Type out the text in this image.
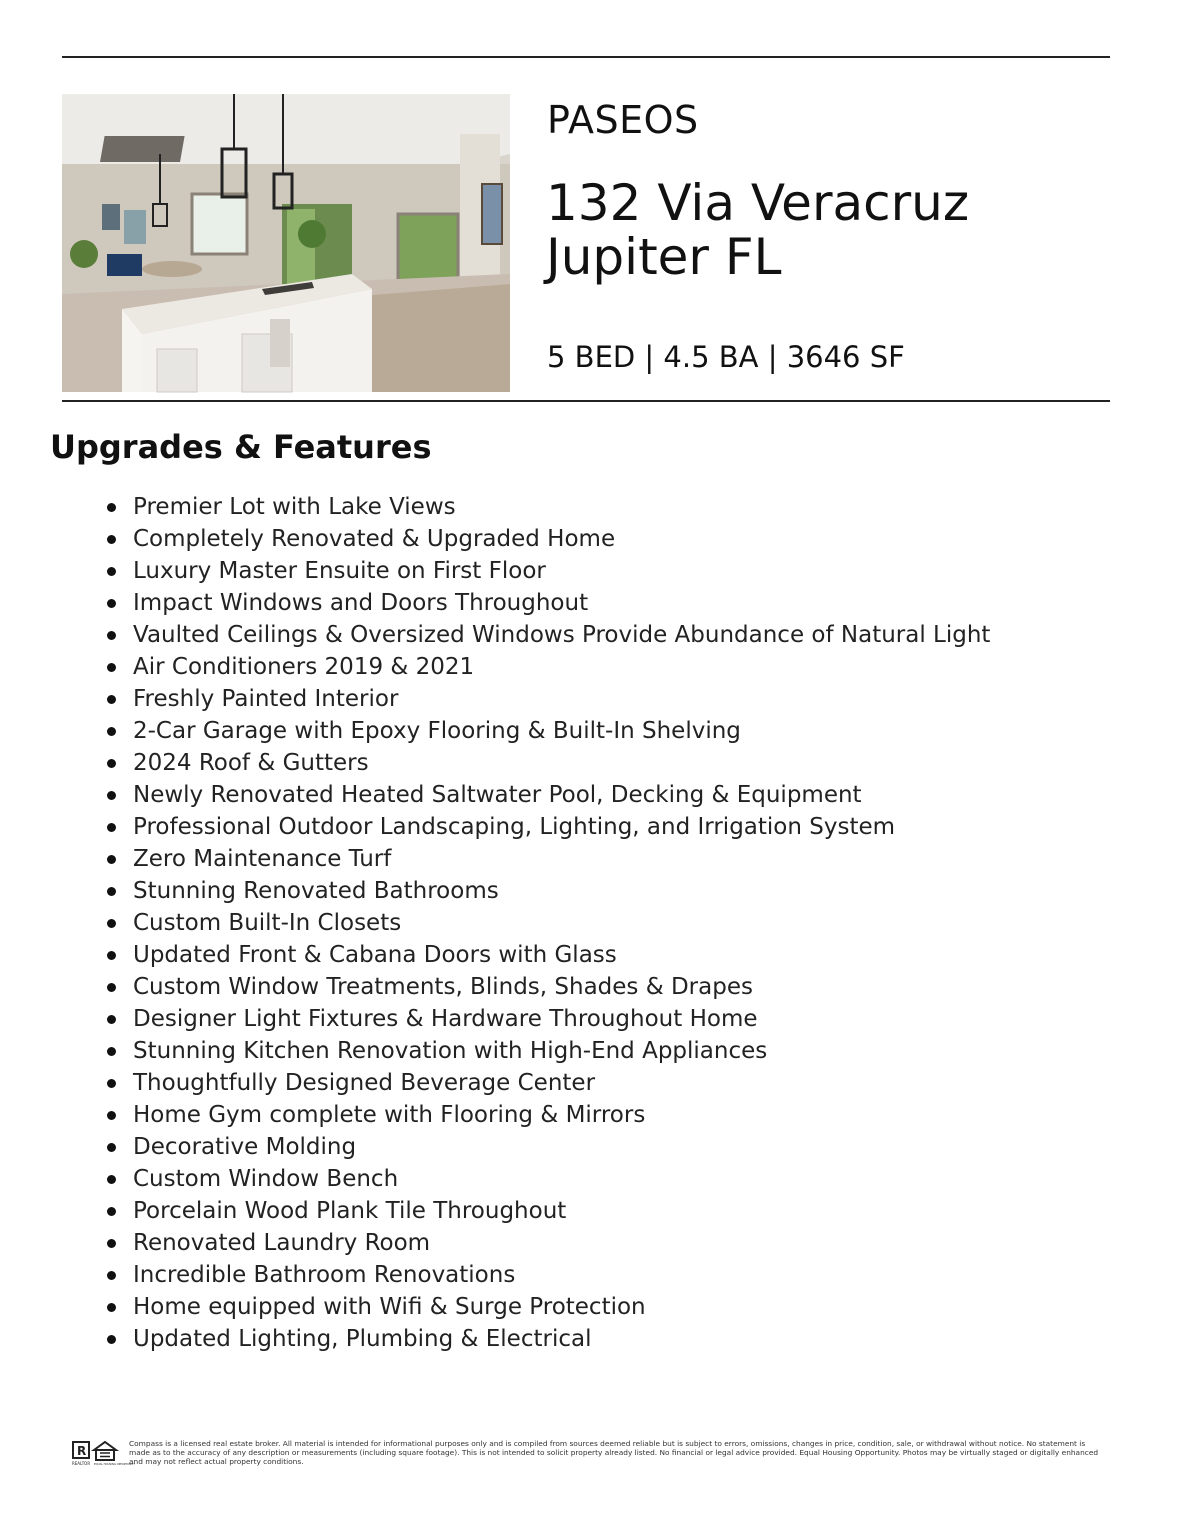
PASEOS
132 Via Veracruz
Jupiter FL
5 BED | 4.5 BA | 3646 SF
Upgrades & Features
Premier Lot with Lake Views
Completely Renovated & Upgraded Home
Luxury Master Ensuite on First Floor
Impact Windows and Doors Throughout
Vaulted Ceilings & Oversized Windows Provide Abundance of Natural Light
Air Conditioners 2019 & 2021
Freshly Painted Interior
2-Car Garage with Epoxy Flooring & Built-In Shelving
2024 Roof & Gutters
Newly Renovated Heated Saltwater Pool, Decking & Equipment
Professional Outdoor Landscaping, Lighting, and Irrigation System
Zero Maintenance Turf
Stunning Renovated Bathrooms
Custom Built-In Closets
Updated Front & Cabana Doors with Glass
Custom Window Treatments, Blinds, Shades & Drapes
Designer Light Fixtures & Hardware Throughout Home
Stunning Kitchen Renovation with High-End Appliances
Thoughtfully Designed Beverage Center
Home Gym complete with Flooring & Mirrors
Decorative Molding
Custom Window Bench
Porcelain Wood Plank Tile Throughout
Renovated Laundry Room
Incredible Bathroom Renovations
Home equipped with Wifi & Surge Protection
Updated Lighting, Plumbing & Electrical
R
REALTOR EQUAL HOUSING OPPORTUNITY
Compass is a licensed real estate broker. All material is intended for informational purposes only and is compiled from sources deemed reliable but is subject to errors, omissions, changes in price, condition, sale, or withdrawal without notice. No statement is made as to the accuracy of any description or measurements (including square footage). This is not intended to solicit property already listed. No financial or legal advice provided. Equal Housing Opportunity. Photos may be virtually staged or digitally enhanced and may not reflect actual property conditions.
